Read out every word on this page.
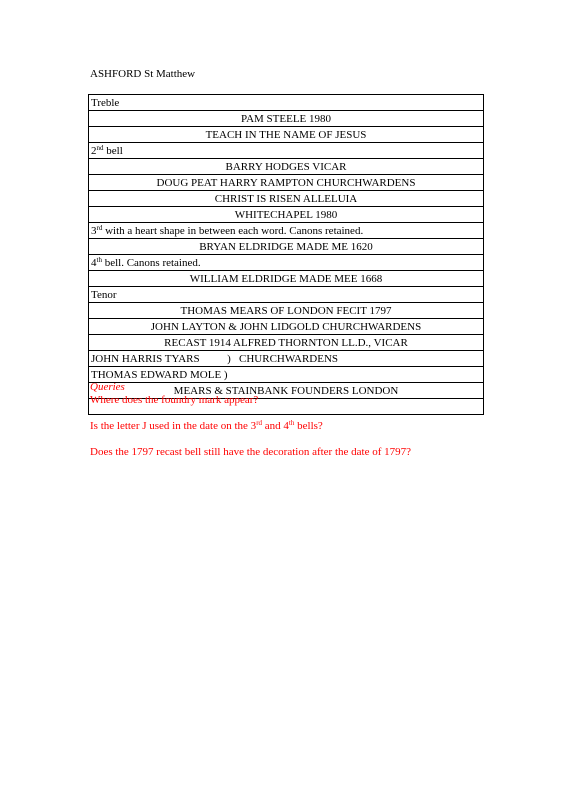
ASHFORD St Matthew
Treble
PAM STEELE 1980
TEACH IN THE NAME OF JESUS
2nd bell
BARRY HODGES VICAR
DOUG PEAT HARRY RAMPTON CHURCHWARDENS
CHRIST IS RISEN ALLELUIA
WHITECHAPEL 1980
3rd with a heart shape in between each word. Canons retained.
BRYAN ELDRIDGE MADE ME 1620
4th bell. Canons retained.
WILLIAM ELDRIDGE MADE MEE 1668
Tenor
THOMAS MEARS OF LONDON FECIT 1797
JOHN LAYTON & JOHN LIDGOLD CHURCHWARDENS
RECAST 1914 ALFRED THORNTON LL.D., VICAR
JOHN HARRIS TYARS          ) CHURCHWARDENS
THOMAS EDWARD MOLE )
MEARS & STAINBANK FOUNDERS LONDON

Queries
Where does the foundry mark appear?
Is the letter J used in the date on the 3rd and 4th bells?
Does the 1797 recast bell still have the decoration after the date of 1797?
